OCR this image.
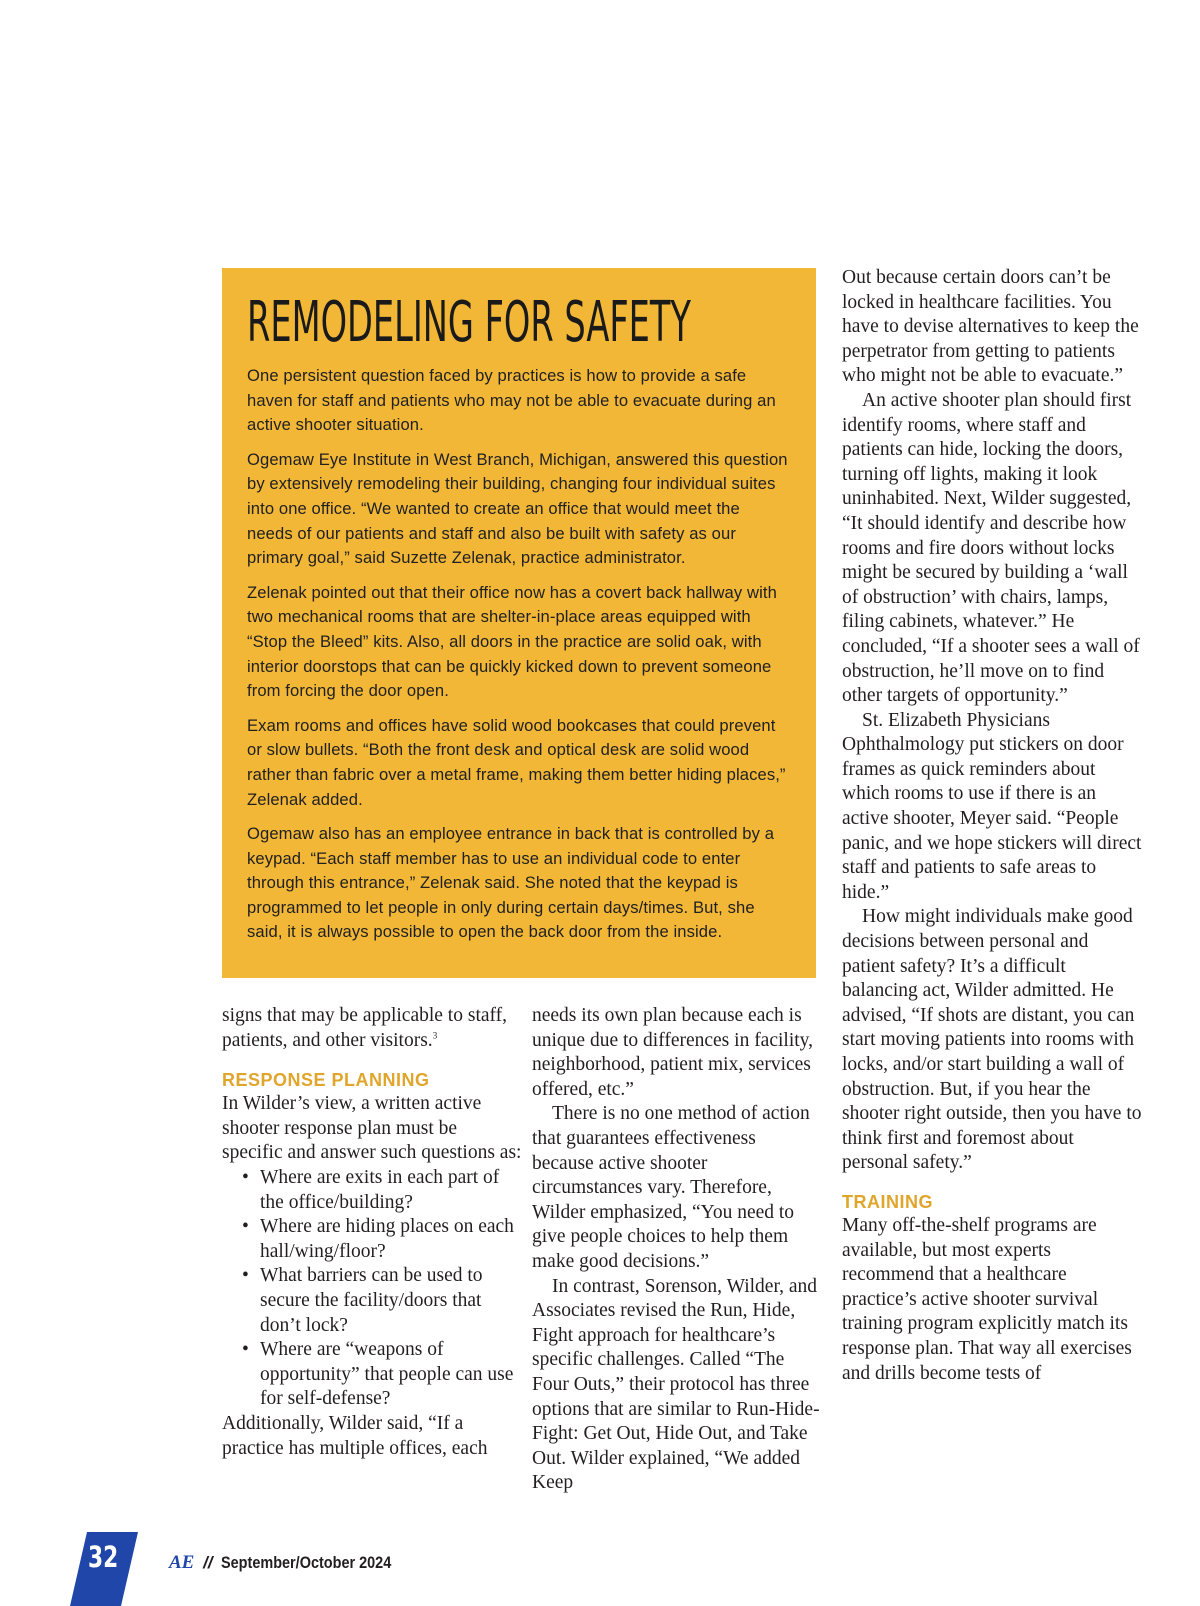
REMODELING FOR SAFETY

One persistent question faced by practices is how to provide a safe haven for staff and patients who may not be able to evacuate during an active shooter situation.

Ogemaw Eye Institute in West Branch, Michigan, answered this question by extensively remodeling their building, changing four individual suites into one office. “We wanted to create an office that would meet the needs of our patients and staff and also be built with safety as our primary goal,” said Suzette Zelenak, practice administrator.

Zelenak pointed out that their office now has a covert back hallway with two mechanical rooms that are shelter-in-place areas equipped with “Stop the Bleed” kits. Also, all doors in the practice are solid oak, with interior doorstops that can be quickly kicked down to prevent someone from forcing the door open.

Exam rooms and offices have solid wood bookcases that could prevent or slow bullets. “Both the front desk and optical desk are solid wood rather than fabric over a metal frame, making them better hiding places,” Zelenak added.

Ogemaw also has an employee entrance in back that is controlled by a keypad. “Each staff member has to use an individual code to enter through this entrance,” Zelenak said. She noted that the keypad is programmed to let people in only during certain days/times. But, she said, it is always possible to open the back door from the inside.

signs that may be applicable to staff, patients, and other visitors.$^3$

RESPONSE PLANNING

In Wilder’s view, a written active shooter response plan must be specific and answer such questions as:

• Where are exits in each part of the office/building?
• Where are hiding places on each hall/wing/floor?
• What barriers can be used to secure the facility/doors that don’t lock?
• Where are “weapons of opportunity” that people can use for self-defense?

Additionally, Wilder said, “If a practice has multiple offices, each

needs its own plan because each is unique due to differences in facility, neighborhood, patient mix, services offered, etc.”

There is no one method of action that guarantees effectiveness because active shooter circumstances vary. Therefore, Wilder emphasized, “You need to give people choices to help them make good decisions.”

In contrast, Sorenson, Wilder, and Associates revised the Run, Hide, Fight approach for healthcare’s specific challenges. Called “The Four Outs,” their protocol has three options that are similar to Run-Hide-Fight: Get Out, Hide Out, and Take Out. Wilder explained, “We added Keep

Out because certain doors can’t be locked in healthcare facilities. You have to devise alternatives to keep the perpetrator from getting to patients who might not be able to evacuate.”

An active shooter plan should first identify rooms, where staff and patients can hide, locking the doors, turning off lights, making it look uninhabited. Next, Wilder suggested, “It should identify and describe how rooms and fire doors without locks might be secured by building a ‘wall of obstruction’ with chairs, lamps, filing cabinets, whatever.” He concluded, “If a shooter sees a wall of obstruction, he’ll move on to find other targets of opportunity.”

St. Elizabeth Physicians Ophthalmology put stickers on door frames as quick reminders about which rooms to use if there is an active shooter, Meyer said. “People panic, and we hope stickers will direct staff and patients to safe areas to hide.”

How might individuals make good decisions between personal and patient safety? It’s a difficult balancing act, Wilder admitted. He advised, “If shots are distant, you can start moving patients into rooms with locks, and/or start building a wall of obstruction. But, if you hear the shooter right outside, then you have to think first and foremost about personal safety.”

TRAINING

Many off-the-shelf programs are available, but most experts recommend that a healthcare practice’s active shooter survival training program explicitly match its response plan. That way all exercises and drills become tests of

32	AE // September/October 2024
